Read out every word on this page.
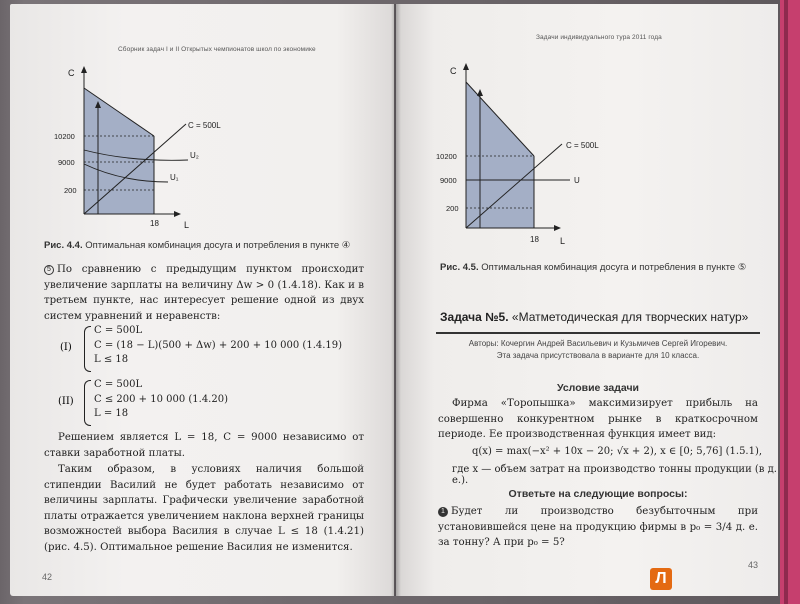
Сборник задач I и II Открытых чемпионатов школ по экономике
C
L
10200
9000
200
18
C = 500L
U₂
U₁
Рис. 4.4. Оптимальная комбинация досуга и потребления в пункте ④
5 По сравнению с предыдущим пунктом происходит увеличение зарплаты на величину Δw > 0 (1.4.18). Как и в третьем пункте, нас интересует решение одной из двух систем уравнений и неравенств:
(I)
C = 500L
C = (18 − L)(500 + Δw) + 200 + 10 000 (1.4.19)
L ≤ 18
(II)
C = 500L
C ≤ 200 + 10 000 (1.4.20)
L = 18
Решением является L = 18, C = 9000 независимо от ставки заработной платы.
Таким образом, в условиях наличия большой стипендии Василий не будет работать независимо от величины зарплаты. Графически увеличение заработной платы отражается увеличением наклона верхней границы возможностей выбора Василия в случае L ≤ 18 (1.4.21) (рис. 4.5). Оптимальное решение Василия не изменится.
42
Задачи индивидуального тура 2011 года
C
L
10200
9000
200
18
C = 500L
U
Рис. 4.5. Оптимальная комбинация досуга и потребления в пункте ⑤
Задача №5. «Матметодическая для творческих натур»
Авторы: Кочергин Андрей Васильевич и Кузьмичев Сергей Игоревич.
Эта задача присутствовала в варианте для 10 класса.
Условие задачи
Фирма «Торопышка» максимизирует прибыль на совершенно конкурентном рынке в краткосрочном периоде. Ее производственная функция имеет вид:
q(x) = max(−x² + 10x − 20; √x + 2), x ∈ [0; 5,76] (1.5.1),
где x — объем затрат на производство тонны продукции (в д. е.).
Ответьте на следующие вопросы:
1 Будет ли производство безубыточным при установившейся цене на продукцию фирмы в p₀ = 3/4 д. е. за тонну? А при p₀ = 5?
43
Л
